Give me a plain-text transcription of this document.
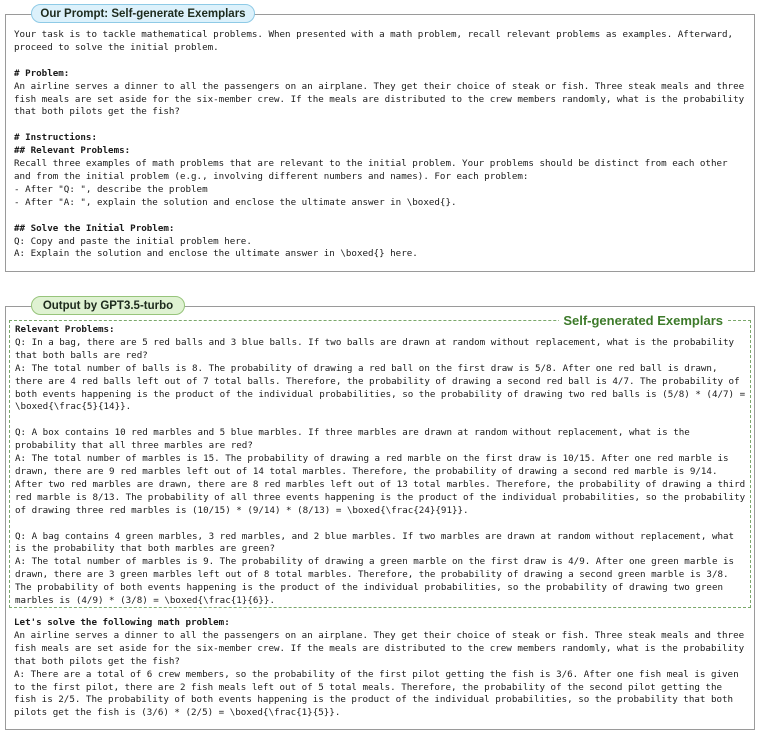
Our Prompt: Self-generate Exemplars
Your task is to tackle mathematical problems. When presented with a math problem, recall relevant problems as examples. Afterward, proceed to solve the initial problem.

# Problem:
An airline serves a dinner to all the passengers on an airplane. They get their choice of steak or fish. Three steak meals and three fish meals are set aside for the six-member crew. If the meals are distributed to the crew members randomly, what is the probability that both pilots get the fish?

# Instructions:
## Relevant Problems:
Recall three examples of math problems that are relevant to the initial problem. Your problems should be distinct from each other and from the initial problem (e.g., involving different numbers and names). For each problem:
- After "Q: ", describe the problem
- After "A: ", explain the solution and enclose the ultimate answer in \boxed{}.

## Solve the Initial Problem:
Q: Copy and paste the initial problem here.
A: Explain the solution and enclose the ultimate answer in \boxed{} here.
Output by GPT3.5-turbo
Self-generated Exemplars
Relevant Problems:
Q: In a bag, there are 5 red balls and 3 blue balls. If two balls are drawn at random without replacement, what is the probability that both balls are red?
A: The total number of balls is 8. The probability of drawing a red ball on the first draw is 5/8. After one red ball is drawn, there are 4 red balls left out of 7 total balls. Therefore, the probability of drawing a second red ball is 4/7. The probability of both events happening is the product of the individual probabilities, so the probability of drawing two red balls is (5/8) * (4/7) = \boxed{\frac{5}{14}}.

Q: A box contains 10 red marbles and 5 blue marbles. If three marbles are drawn at random without replacement, what is the probability that all three marbles are red?
A: The total number of marbles is 15. The probability of drawing a red marble on the first draw is 10/15. After one red marble is drawn, there are 9 red marbles left out of 14 total marbles. Therefore, the probability of drawing a second red marble is 9/14. After two red marbles are drawn, there are 8 red marbles left out of 13 total marbles. Therefore, the probability of drawing a third red marble is 8/13. The probability of all three events happening is the product of the individual probabilities, so the probability of drawing three red marbles is (10/15) * (9/14) * (8/13) = \boxed{\frac{24}{91}}.

Q: A bag contains 4 green marbles, 3 red marbles, and 2 blue marbles. If two marbles are drawn at random without replacement, what is the probability that both marbles are green?
A: The total number of marbles is 9. The probability of drawing a green marble on the first draw is 4/9. After one green marble is drawn, there are 3 green marbles left out of 8 total marbles. Therefore, the probability of drawing a second green marble is 3/8. The probability of both events happening is the product of the individual probabilities, so the probability of drawing two green marbles is (4/9) * (3/8) = \boxed{\frac{1}{6}}.
Let's solve the following math problem:
An airline serves a dinner to all the passengers on an airplane. They get their choice of steak or fish. Three steak meals and three fish meals are set aside for the six-member crew. If the meals are distributed to the crew members randomly, what is the probability that both pilots get the fish?
A: There are a total of 6 crew members, so the probability of the first pilot getting the fish is 3/6. After one fish meal is given to the first pilot, there are 2 fish meals left out of 5 total meals. Therefore, the probability of the second pilot getting the fish is 2/5. The probability of both events happening is the product of the individual probabilities, so the probability that both pilots get the fish is (3/6) * (2/5) = \boxed{\frac{1}{5}}.
